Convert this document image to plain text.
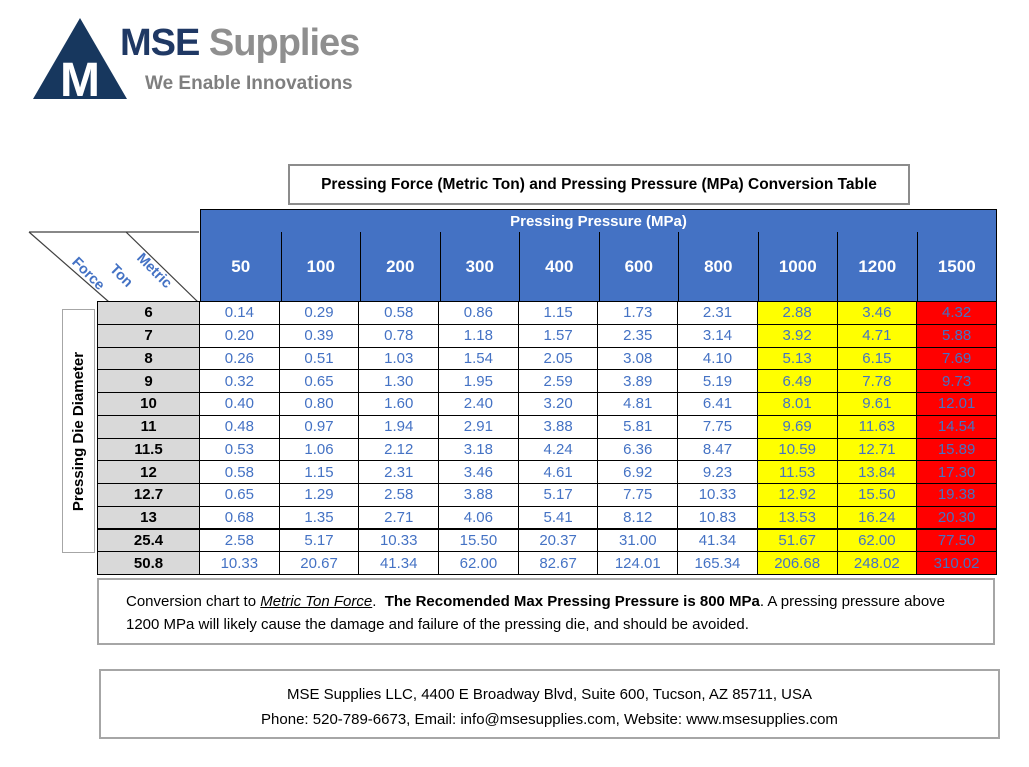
M
MSE Supplies
We Enable Innovations
Pressing Force (Metric Ton) and Pressing Pressure (MPa) Conversion Table
Pressing Pressure (MPa)
Force
Ton
Metric	50	100	200	300	400	600	800	1000	1200	1500
Pressing Die Diameter
6	0.14	0.29	0.58	0.86	1.15	1.73	2.31	2.88	3.46	4.32
7	0.20	0.39	0.78	1.18	1.57	2.35	3.14	3.92	4.71	5.88
8	0.26	0.51	1.03	1.54	2.05	3.08	4.10	5.13	6.15	7.69
9	0.32	0.65	1.30	1.95	2.59	3.89	5.19	6.49	7.78	9.73
10	0.40	0.80	1.60	2.40	3.20	4.81	6.41	8.01	9.61	12.01
11	0.48	0.97	1.94	2.91	3.88	5.81	7.75	9.69	11.63	14.54
11.5	0.53	1.06	2.12	3.18	4.24	6.36	8.47	10.59	12.71	15.89
12	0.58	1.15	2.31	3.46	4.61	6.92	9.23	11.53	13.84	17.30
12.7	0.65	1.29	2.58	3.88	5.17	7.75	10.33	12.92	15.50	19.38
13	0.68	1.35	2.71	4.06	5.41	8.12	10.83	13.53	16.24	20.30
25.4	2.58	5.17	10.33	15.50	20.37	31.00	41.34	51.67	62.00	77.50
50.8	10.33	20.67	41.34	62.00	82.67	124.01	165.34	206.68	248.02	310.02
Conversion chart to Metric Ton Force.  The Recomended Max Pressing Pressure is 800 MPa. A pressing pressure above 1200 MPa will likely cause the damage and failure of the pressing die, and should be avoided.
MSE Supplies LLC, 4400 E Broadway Blvd, Suite 600, Tucson, AZ 85711, USA
Phone: 520-789-6673, Email: info@msesupplies.com, Website: www.msesupplies.com
